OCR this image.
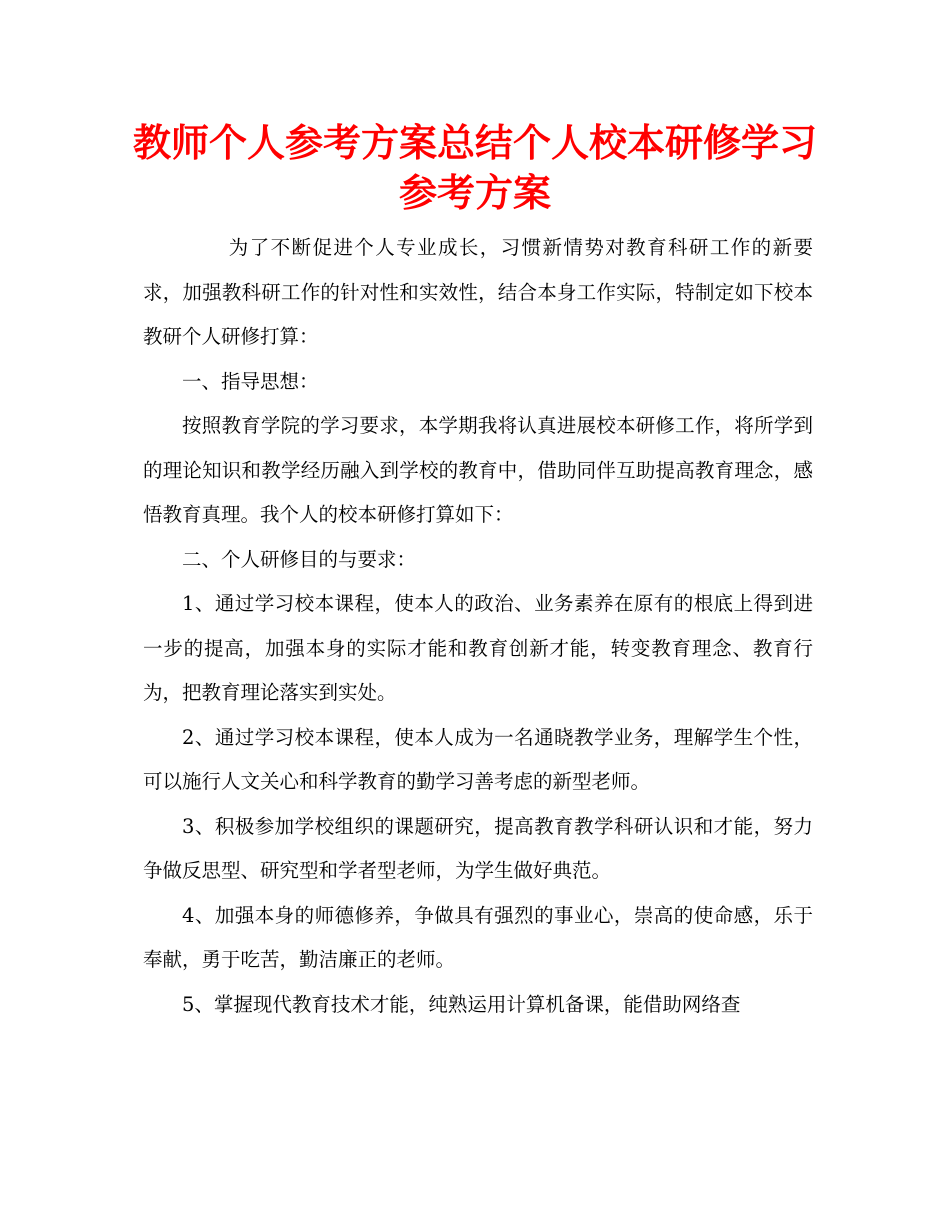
教师个人参考方案总结个人校本研修学习
参考方案

为了不断促进个人专业成长，习惯新情势对教育科研工作的新要求，加强教科研工作的针对性和实效性，结合本身工作实际，特制定如下校本教研个人研修打算：

一、指导思想：

按照教育学院的学习要求，本学期我将认真进展校本研修工作，将所学到的理论知识和教学经历融入到学校的教育中，借助同伴互助提高教育理念，感悟教育真理。我个人的校本研修打算如下：

二、个人研修目的与要求：

1、通过学习校本课程，使本人的政治、业务素养在原有的根底上得到进一步的提高，加强本身的实际才能和教育创新才能，转变教育理念、教育行为，把教育理论落实到实处。

2、通过学习校本课程，使本人成为一名通晓教学业务，理解学生个性，可以施行人文关心和科学教育的勤学习善考虑的新型老师。

3、积极参加学校组织的课题研究，提高教育教学科研认识和才能，努力争做反思型、研究型和学者型老师，为学生做好典范。

4、加强本身的师德修养，争做具有强烈的事业心，崇高的使命感，乐于奉献，勇于吃苦，勤洁廉正的老师。

5、掌握现代教育技术才能，纯熟运用计算机备课，能借助网络查
